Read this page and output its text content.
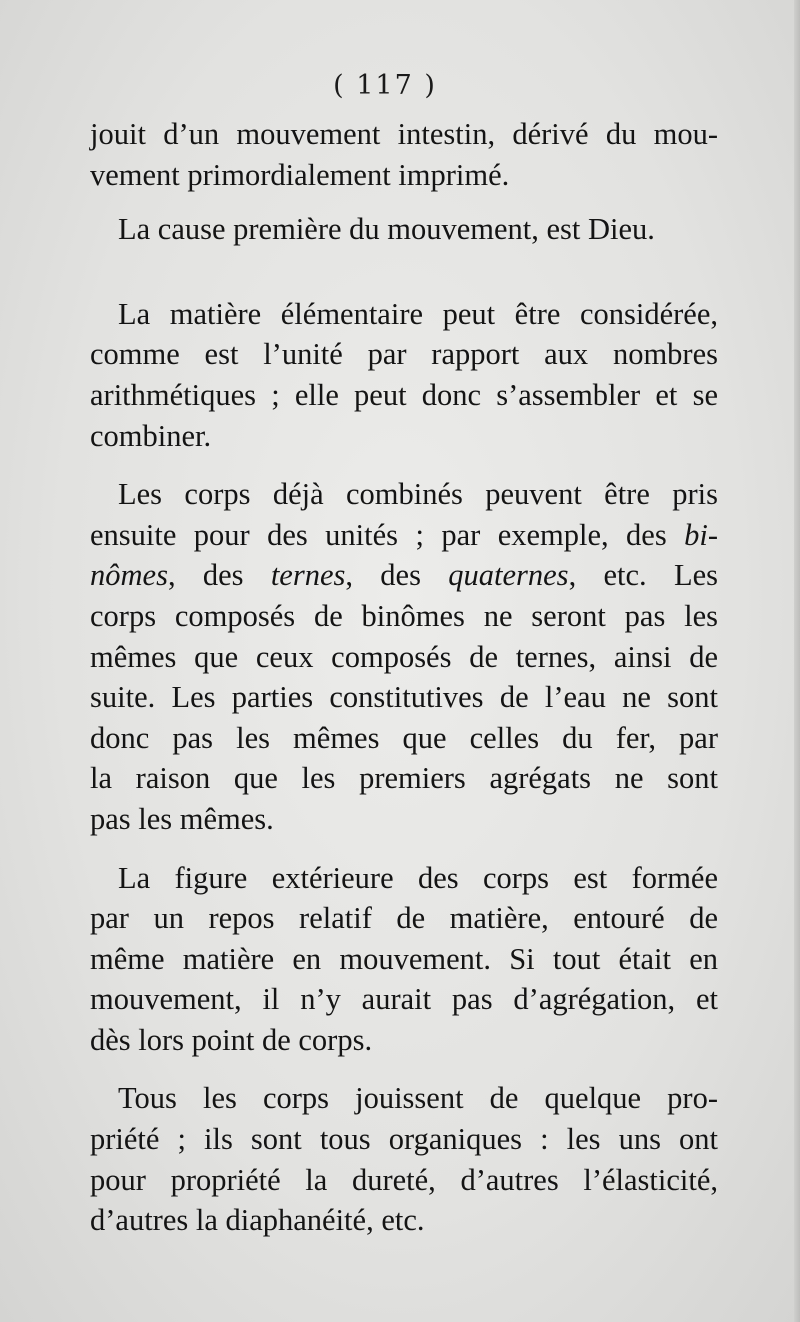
( 117 )

jouit d’un mouvement intestin, dérivé du mou-
vement primordialement imprimé.

La cause première du mouvement, est Dieu.

La matière élémentaire peut être considérée,
comme est l’unité par rapport aux nombres
arithmétiques ; elle peut donc s’assembler et se
combiner.

Les corps déjà combinés peuvent être pris
ensuite pour des unités ; par exemple, des bi-
nômes, des ternes, des quaternes, etc. Les
corps composés de binômes ne seront pas les
mêmes que ceux composés de ternes, ainsi de
suite. Les parties constitutives de l’eau ne sont
donc pas les mêmes que celles du fer, par
la raison que les premiers agrégats ne sont
pas les mêmes.

La figure extérieure des corps est formée
par un repos relatif de matière, entouré de
même matière en mouvement. Si tout était en
mouvement, il n’y aurait pas d’agrégation, et
dès lors point de corps.

Tous les corps jouissent de quelque pro-
priété ; ils sont tous organiques : les uns ont
pour propriété la dureté, d’autres l’élasticité,
d’autres la diaphanéité, etc.
